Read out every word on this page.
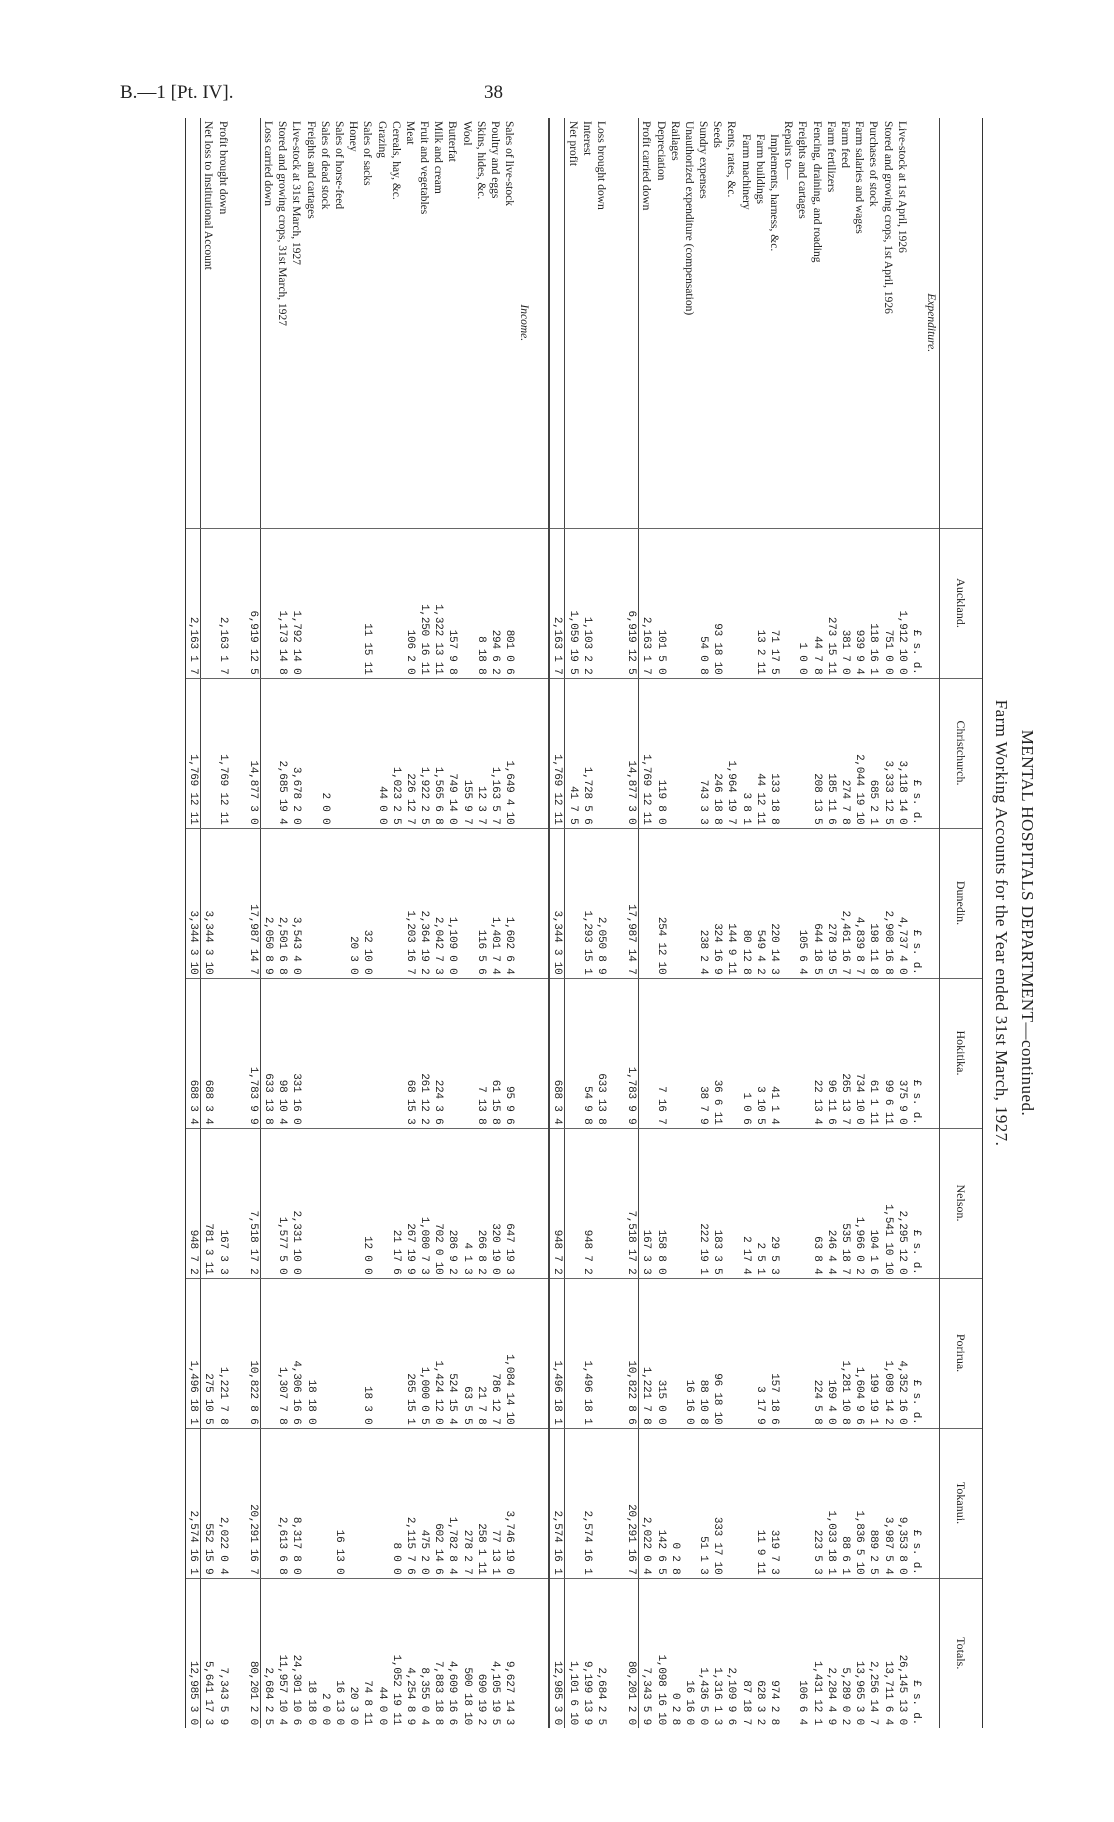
B.—1 [Pt. IV].	38
MENTAL HOSPITALS DEPARTMENT—continued.
Farm Working Accounts for the Year ended 31st March, 1927.
	Auckland.	Christchurch.	Dunedin.	Hokitika.	Nelson.	Porirua.	Tokanui.	Totals.
Expenditure.								
	£ s. d.	£ s. d.	£ s. d.	£ s. d.	£ s. d.	£ s. d.	£ s. d.	£ s. d.
Live-stock at 1st April, 1926	1,912 10 0	3,118 14 0	4,737 4 0	375 9 0	2,295 12 0	4,352 16 0	9,353 8 0	26,145 13 0
Stored and growing crops, 1st April, 1926	751 0 0	3,333 12 5	2,908 16 8	99 6 11	1,541 10 10	1,089 14 2	3,987 5 4	13,711 6 4
Purchases of stock	118 16 1	685 2 1	198 11 8	61 1 11	104 1 6	199 19 1	889 2 5	2,256 14 7
Farm salaries and wages	939 9 4	2,044 19 10	4,839 8 7	734 10 0	1,966 0 2	1,604 9 6	1,836 5 10	13,965 3 0
Farm feed	381 7 0	274 7 8	2,461 16 7	265 13 7	535 18 7	1,281 10 8	88 6 1	5,289 0 2
Farm fertilizers	273 15 11	185 11 6	278 19 5	96 11 6	246 4 4	169 4 0	1,033 18 1	2,284 4 9
Fencing, draining, and roading	44 7 8	208 13 5	644 18 5	22 13 4	63 8 4	224 5 8	223 5 3	1,431 12 1
Freights and cartages	1 0 0		105 6 4					106 6 4
Repairs to—								
Implements, harness, &c.	71 17 5	133 18 8	220 14 3	41 1 4	29 5 3	157 18 6	319 7 3	974 2 8
Farm buildings	13 2 11	44 12 11	549 4 2	3 10 5	2 5 1	3 17 9	11 9 11	628 3 2
Farm machinery		3 8 1	80 12 8	1 0 6	2 17 4			87 18 7
Rents, rates, &c.		1,964 19 7	144 9 11					2,109 9 6
Seeds	93 18 10	246 18 8	324 16 9	36 6 11	183 3 5	96 18 10	333 17 10	1,316 1 3
Sundry expenses	54 0 8	743 3 3	238 2 4	38 7 9	222 19 1	88 10 8	51 1 3	1,436 5 0
Unauthorized expenditure (compensation)						16 16 0		16 16 0
Railages							0 2 8	0 2 8
Depreciation	101 5 0	119 8 0	254 12 10	7 16 7	158 8 0	315 0 0	142 6 5	1,098 16 10
Profit carried down	2,163 1 7	1,769 12 11			167 3 3	1,221 7 8	2,022 0 4	7,343 5 9
	6,919 12 5	14,877 3 0	17,987 14 7	1,783 9 9	7,518 17 2	10,822 8 6	20,291 16 7	80,201 2 0

Loss brought down			2,050 8 9	633 13 8				2,684 2 5
Interest	1,103 2 2	1,728 5 6	1,293 15 1	54 9 8	948 7 2	1,496 18 1	2,574 16 1	9,199 13 9
Net profit	1,059 19 5	41 7 5						1,101 6 10
	2,163 1 7	1,769 12 11	3,344 3 10	688 3 4	948 7 2	1,496 18 1	2,574 16 1	12,985 3 0

Income.								
Sales of live-stock	801 0 6	1,649 4 10	1,602 6 4	95 9 6	647 19 3	1,084 14 10	3,746 19 0	9,627 14 3
Poultry and eggs	294 6 2	1,163 5 7	1,401 7 4	61 15 8	320 19 0	786 12 7	77 13 1	4,105 19 5
Skins, hides, &c.	8 18 8	12 3 7	116 5 6	7 13 8	266 8 2	21 7 8	258 1 11	690 19 2
Wool		155 9 7			4 1 3	63 5 5	278 2 7	500 18 10
Butterfat	157 9 8	749 14 0	1,109 0 0		286 9 2	524 15 4	1,782 8 4	4,609 16 6
Milk and cream	1,322 13 11	1,565 6 8	2,042 7 3	224 3 6	702 0 10	1,424 12 0	602 14 6	7,883 18 8
Fruit and vegetables	1,250 16 11	1,922 2 5	2,364 19 2	261 12 2	1,080 7 3	1,000 0 5	475 2 0	8,355 0 4
Meat	106 2 0	226 12 7	1,203 16 7	68 15 3	267 19 9	265 15 1	2,115 7 6	4,254 8 9
Cereals, hay, &c.		1,023 2 5			21 17 6		8 0 0	1,052 19 11
Grazing		44 0 0						44 0 0
Sales of sacks	11 15 11		32 10 0		12 0 0	18 3 0		74 8 11
Honey			20 3 0					20 3 0
Sales of horse-feed							16 13 0	16 13 0
Sales of dead stock		2 0 0						2 0 0
Freights and cartages						18 18 0		18 18 0
Live-stock at 31st March, 1927	1,792 14 0	3,678 2 0	3,543 4 0	331 16 0	2,331 10 0	4,306 16 6	8,317 8 0	24,301 10 6
Stored and growing crops, 31st March, 1927	1,173 14 8	2,685 19 4	2,501 6 8	98 10 4	1,577 5 0	1,307 7 8	2,613 6 8	11,957 10 4
Loss carried down			2,050 8 9	633 13 8				2,684 2 5
	6,919 12 5	14,877 3 0	17,987 14 7	1,783 9 9	7,518 17 2	10,822 8 6	20,291 16 7	80,201 2 0

Profit brought down	2,163 1 7	1,769 12 11			167 3 3	1,221 7 8	2,022 0 4	7,343 5 9
Net loss to Institutional Account			3,344 3 10	688 3 4	781 3 11	275 10 5	552 15 9	5,641 17 3
	2,163 1 7	1,769 12 11	3,344 3 10	688 3 4	948 7 2	1,496 18 1	2,574 16 1	12,985 3 0
